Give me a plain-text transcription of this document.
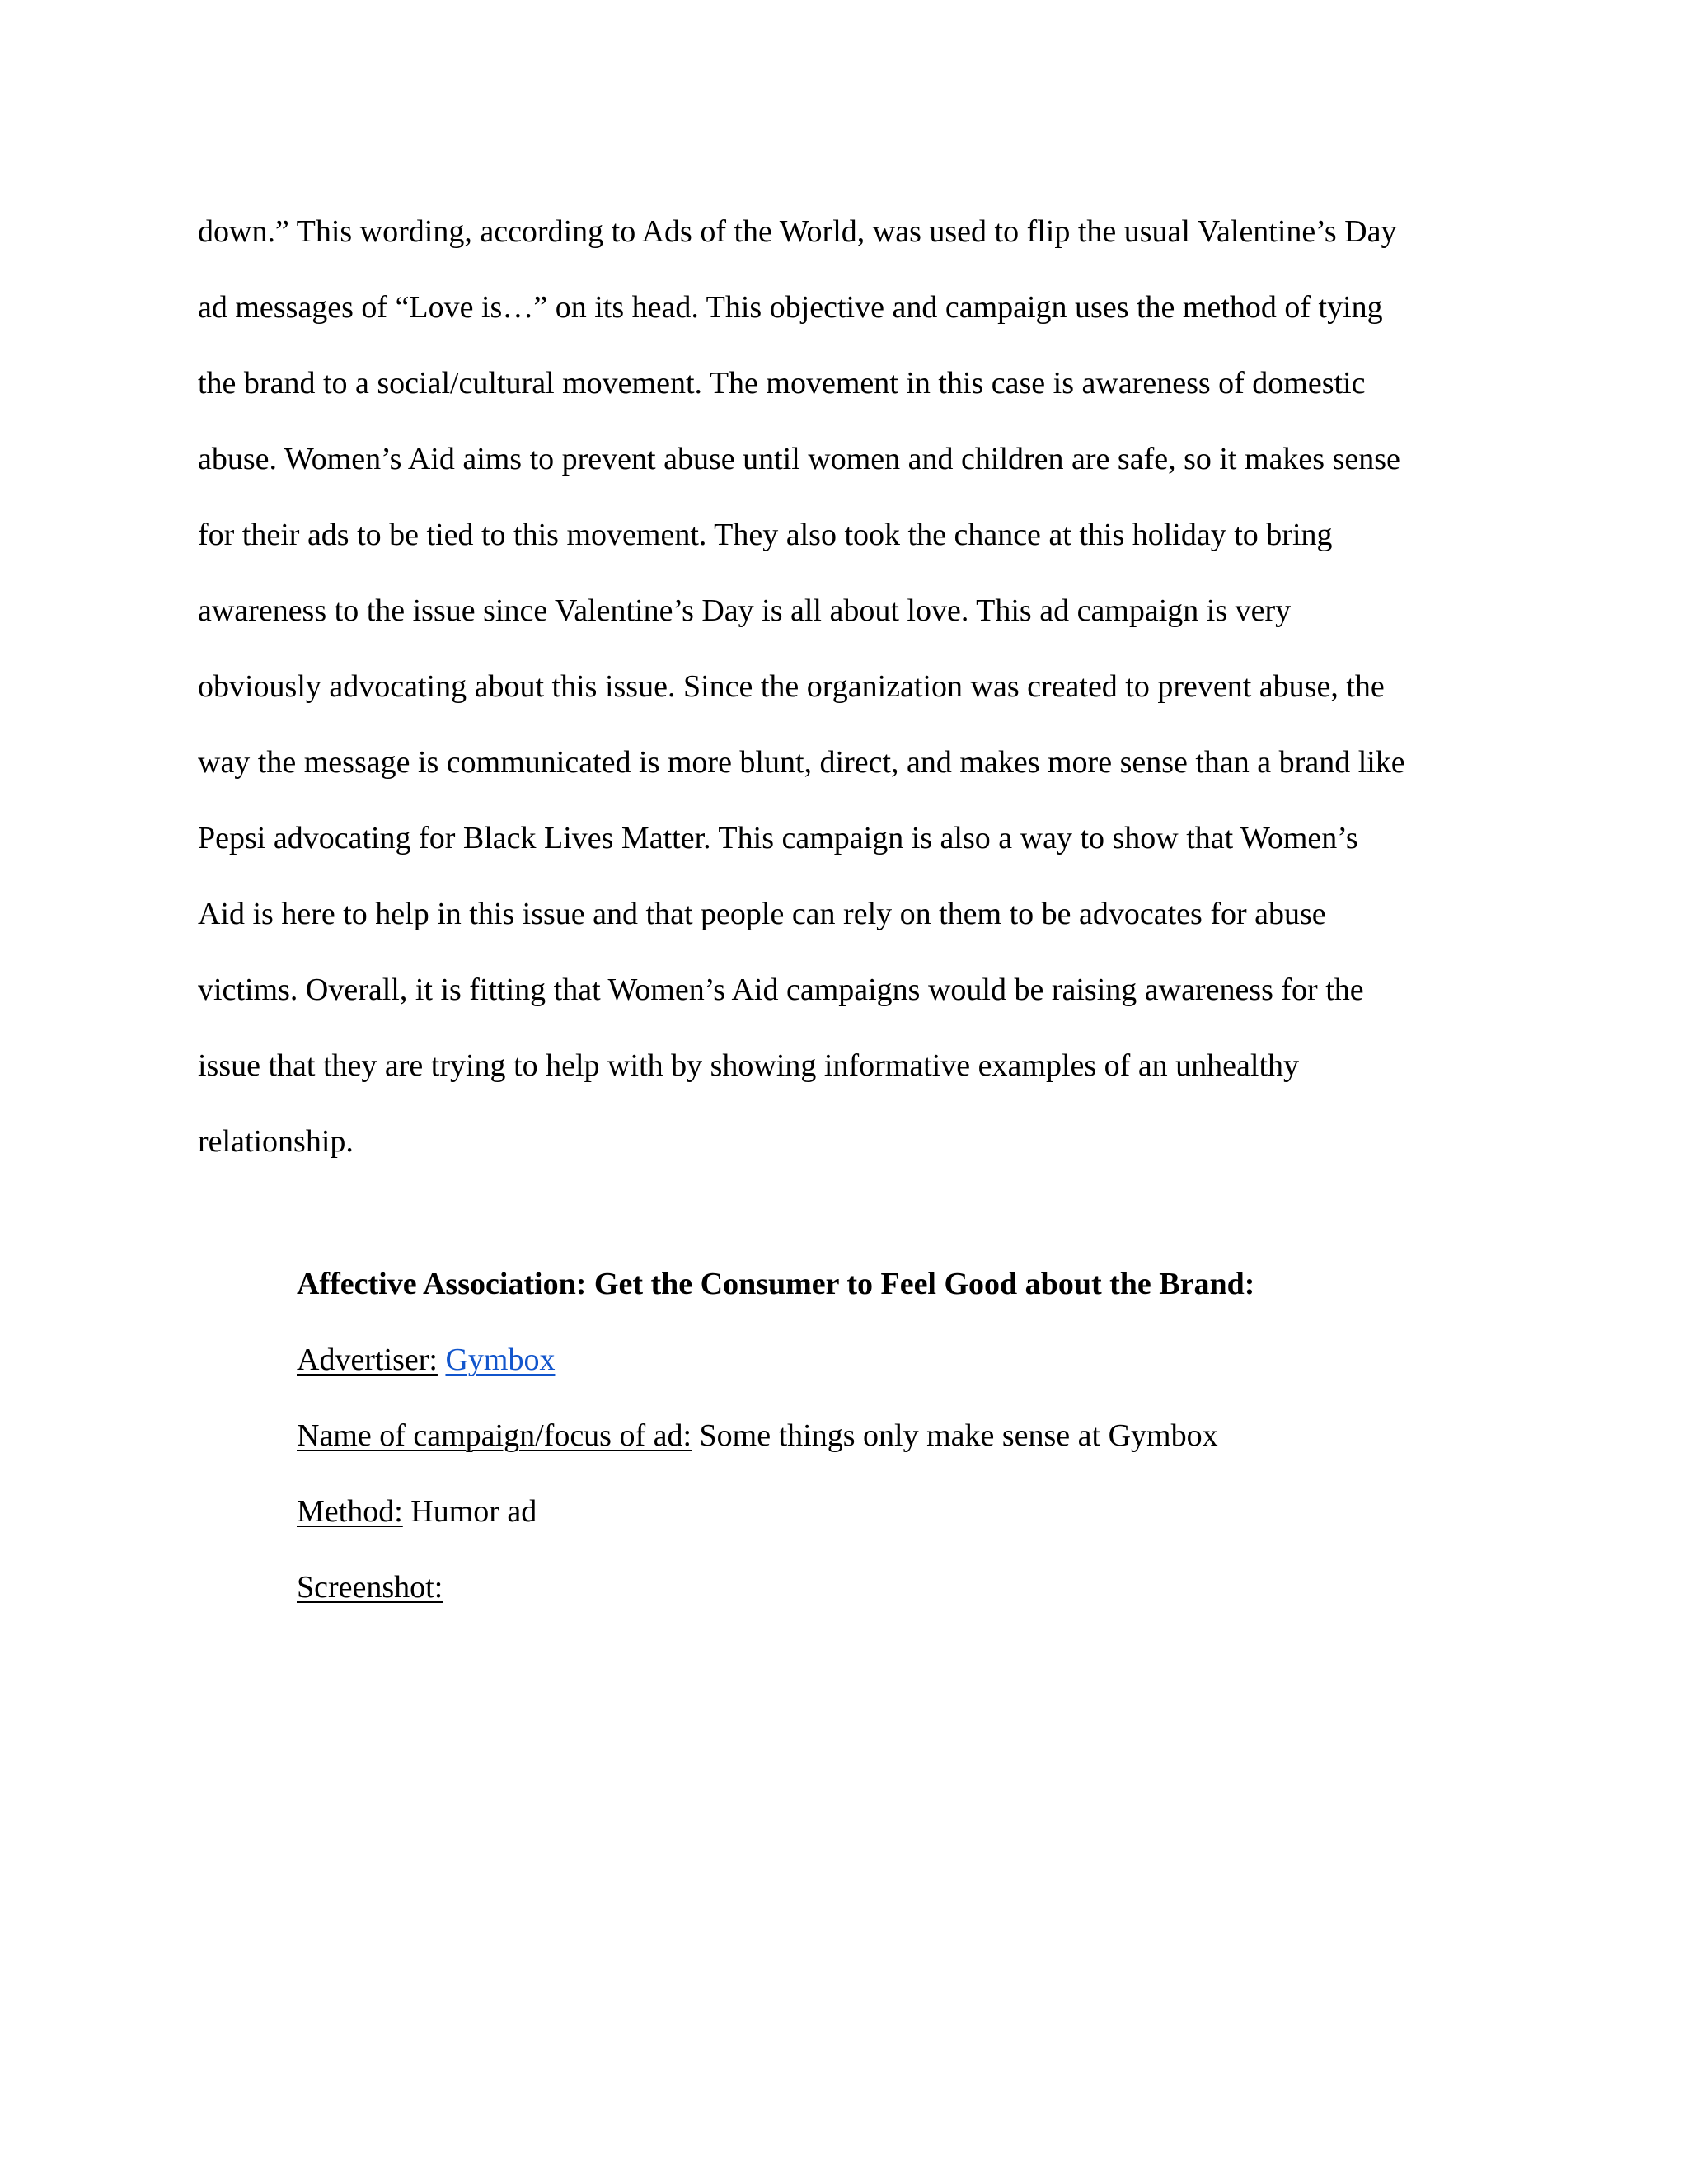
down.” This wording, according to Ads of the World, was used to flip the usual Valentine’s Day
ad messages of “Love is…” on its head. This objective and campaign uses the method of tying
the brand to a social/cultural movement. The movement in this case is awareness of domestic
abuse. Women’s Aid aims to prevent abuse until women and children are safe, so it makes sense
for their ads to be tied to this movement. They also took the chance at this holiday to bring
awareness to the issue since Valentine’s Day is all about love. This ad campaign is very
obviously advocating about this issue. Since the organization was created to prevent abuse, the
way the message is communicated is more blunt, direct, and makes more sense than a brand like
Pepsi advocating for Black Lives Matter. This campaign is also a way to show that Women’s
Aid is here to help in this issue and that people can rely on them to be advocates for abuse
victims. Overall, it is fitting that Women’s Aid campaigns would be raising awareness for the
issue that they are trying to help with by showing informative examples of an unhealthy
relationship.
Affective Association: Get the Consumer to Feel Good about the Brand:
Advertiser: Gymbox
Name of campaign/focus of ad: Some things only make sense at Gymbox
Method: Humor ad
Screenshot:
